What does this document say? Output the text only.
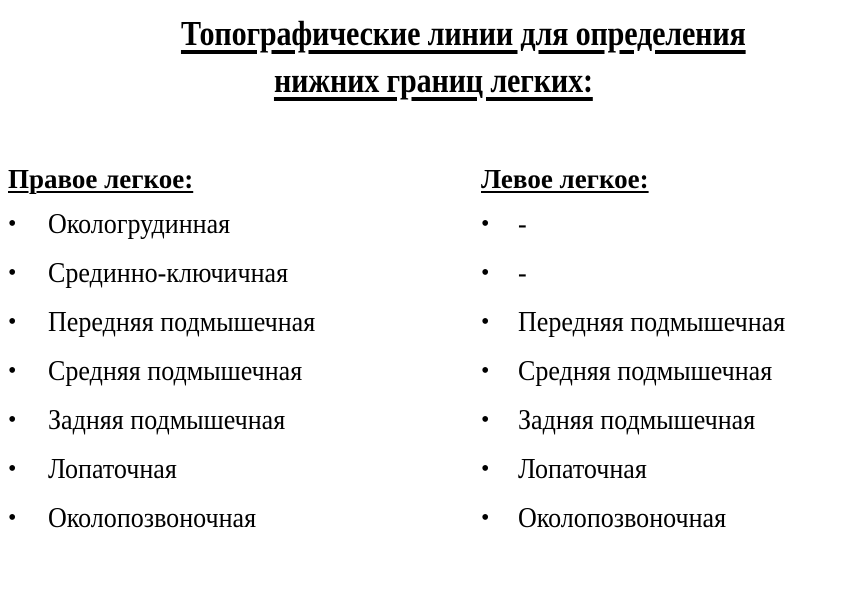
Топографические линии для определения
нижних границ легких:
Правое легкое:
• Окологрудинная
• Срединно-ключичная
• Передняя подмышечная
• Средняя подмышечная
• Задняя подмышечная
• Лопаточная
• Околопозвоночная
Левое легкое:
• -
• -
• Передняя подмышечная
• Средняя подмышечная
• Задняя подмышечная
• Лопаточная
• Околопозвоночная
